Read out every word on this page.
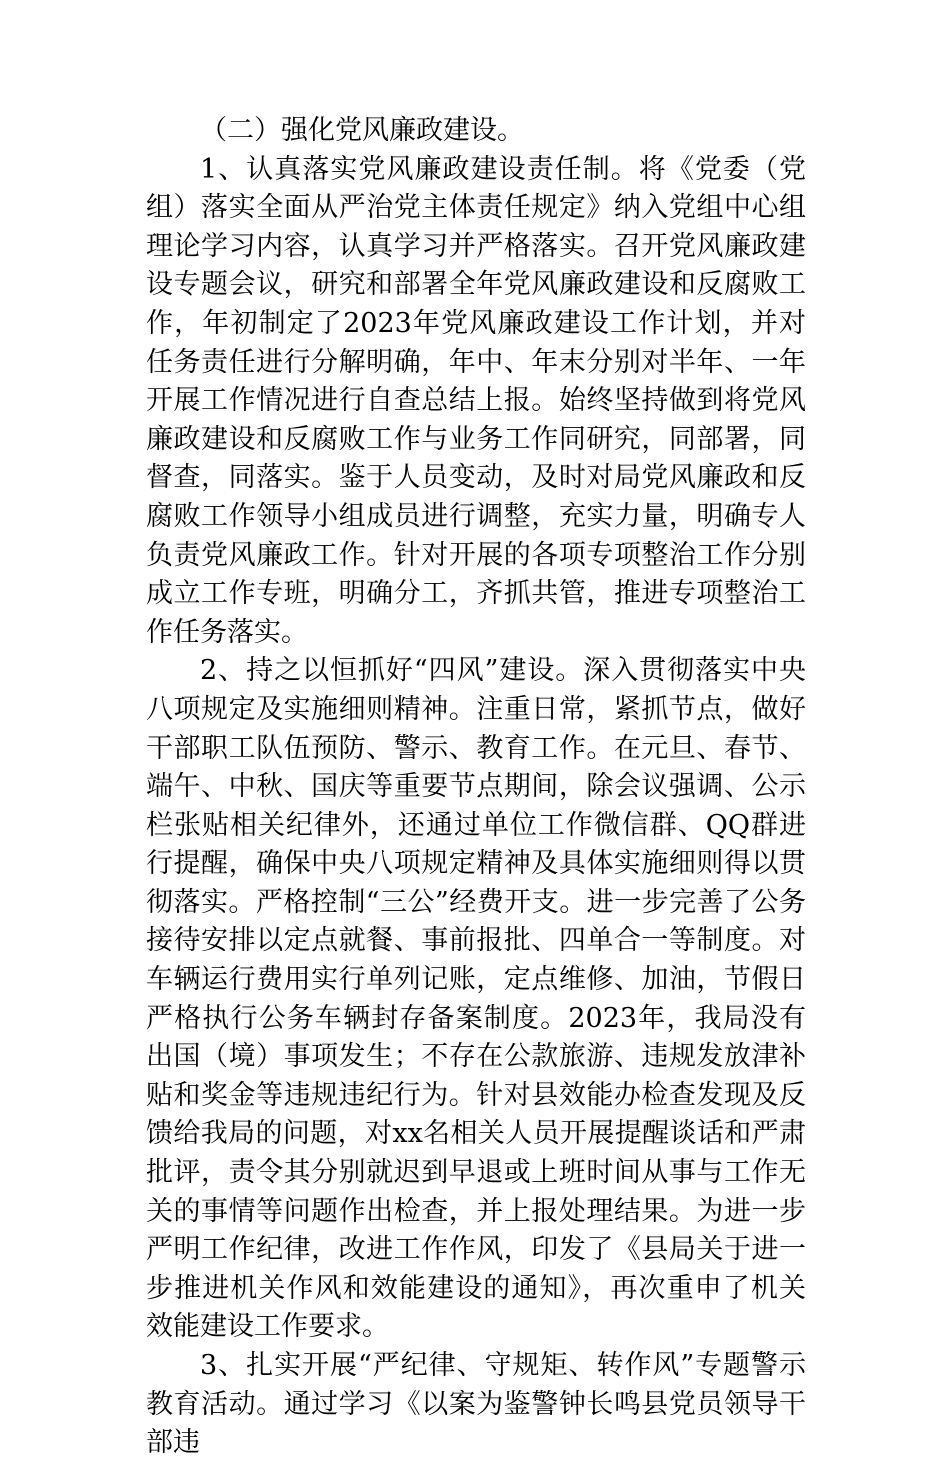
（二）强化党风廉政建设。

1、认真落实党风廉政建设责任制。将《党委（党组）落实全面从严治党主体责任规定》纳入党组中心组理论学习内容，认真学习并严格落实。召开党风廉政建设专题会议，研究和部署全年党风廉政建设和反腐败工作，年初制定了2023年党风廉政建设工作计划，并对任务责任进行分解明确，年中、年末分别对半年、一年开展工作情况进行自查总结上报。始终坚持做到将党风廉政建设和反腐败工作与业务工作同研究，同部署，同督查，同落实。鉴于人员变动，及时对局党风廉政和反腐败工作领导小组成员进行调整，充实力量，明确专人负责党风廉政工作。针对开展的各项专项整治工作分别成立工作专班，明确分工，齐抓共管，推进专项整治工作任务落实。

2、持之以恒抓好“四风”建设。深入贯彻落实中央八项规定及实施细则精神。注重日常，紧抓节点，做好干部职工队伍预防、警示、教育工作。在元旦、春节、端午、中秋、国庆等重要节点期间，除会议强调、公示栏张贴相关纪律外，还通过单位工作微信群、QQ群进行提醒，确保中央八项规定精神及具体实施细则得以贯彻落实。严格控制“三公”经费开支。进一步完善了公务接待安排以定点就餐、事前报批、四单合一等制度。对车辆运行费用实行单列记账，定点维修、加油，节假日严格执行公务车辆封存备案制度。2023年，我局没有出国（境）事项发生；不存在公款旅游、违规发放津补贴和奖金等违规违纪行为。针对县效能办检查发现及反馈给我局的问题，对xx名相关人员开展提醒谈话和严肃批评，责令其分别就迟到早退或上班时间从事与工作无关的事情等问题作出检查，并上报处理结果。为进一步严明工作纪律，改进工作作风，印发了《县局关于进一步推进机关作风和效能建设的通知》，再次重申了机关效能建设工作要求。

3、扎实开展“严纪律、守规矩、转作风”专题警示教育活动。通过学习《以案为鉴警钟长鸣县党员领导干部违
